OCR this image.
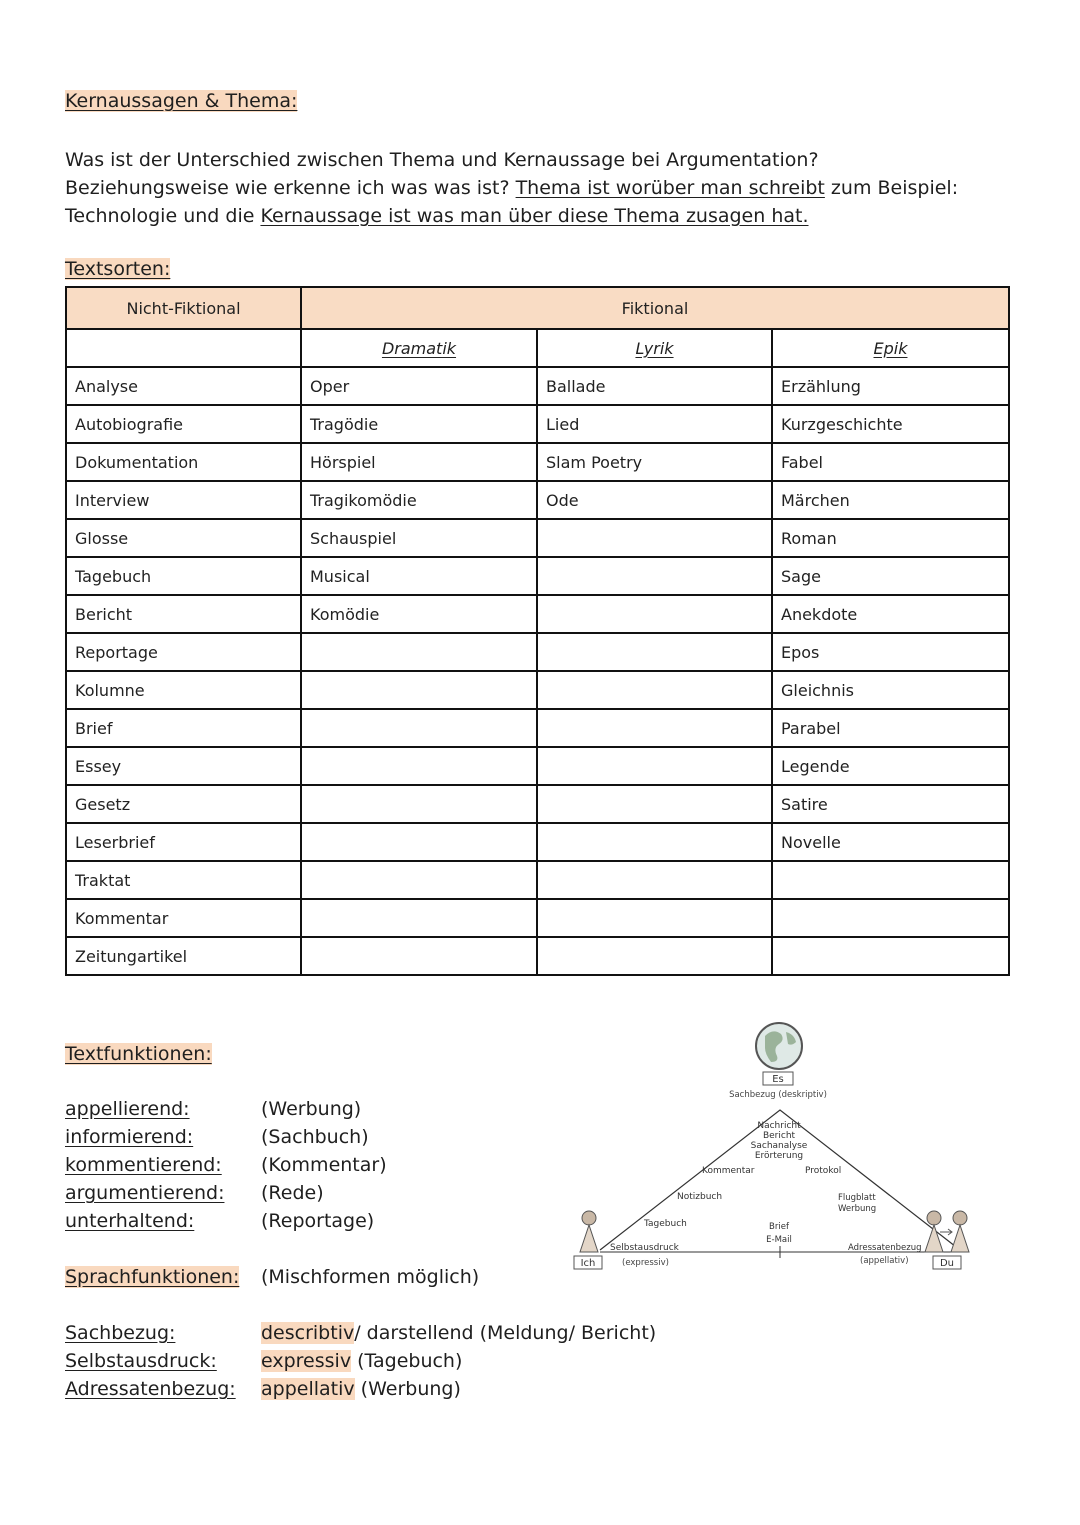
Kernaussagen & Thema:
Was ist der Unterschied zwischen Thema und Kernaussage bei Argumentation?
Beziehungsweise wie erkenne ich was was ist? Thema ist worüber man schreibt zum Beispiel:
Technologie und die Kernaussage ist was man über diese Thema zusagen hat.
Textsorten:
Nicht-Fiktional	Fiktional		
	Dramatik	Lyrik	Epik
Analyse	Oper	Ballade	Erzählung
Autobiografie	Tragödie	Lied	Kurzgeschichte
Dokumentation	Hörspiel	Slam Poetry	Fabel
Interview	Tragikomödie	Ode	Märchen
Glosse	Schauspiel		Roman
Tagebuch	Musical		Sage
Bericht	Komödie		Anekdote
Reportage			Epos
Kolumne			Gleichnis
Brief			Parabel
Essey			Legende
Gesetz			Satire
Leserbrief			Novelle
Traktat			
Kommentar			
Zeitungartikel			
Textfunktionen:
appellierend:	(Werbung)
informierend:	(Sachbuch)
kommentierend: (Kommentar)
argumentierend: (Rede)
unterhaltend:	(Reportage)
Sprachfunktionen: (Mischformen möglich)
Sachbezug:	describtiv/ darstellend (Meldung/ Bericht)
Selbstausdruck: expressiv (Tagebuch)
Adressatenbezug: appellativ (Werbung)
Es
Sachbezug (deskriptiv)
Nachricht
Bericht
Sachanalyse
Erörterung
Kommentar	Protokol
Notizbuch	Flugblatt
Werbung
Tagebuch	Brief
E-Mail
Selbstausdruck
(expressiv)
Adressatenbezug
(appellativ)
Ich	Du
